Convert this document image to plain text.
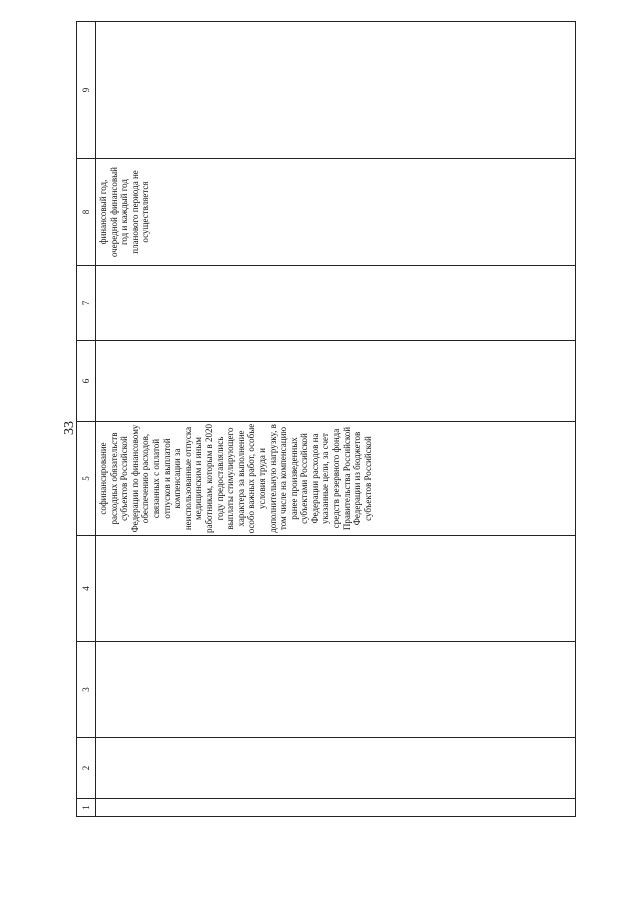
33
1	2	3	4	5	6	7	8	9

				софинансирование расходных обязательств субъектов Российской Федерации по финансовому обеспечению расходов, связанных с оплатой отпусков и выплатой компенсации за неиспользованные отпуска медицинским и иным работникам, которым в 2020 году предоставлялись выплаты стимулирующего характера за выполнение особо важных работ, особые условия труда и дополнительную нагрузку, в том числе на компенсацию ранее произведенных субъектами Российской Федерации расходов на указанные цели, за счет средств резервного фонда Правительства Российской Федерации из бюджетов субъектов Российской			финансовый год, очередной финансовый год и каждый год планового периода не осуществляется	
